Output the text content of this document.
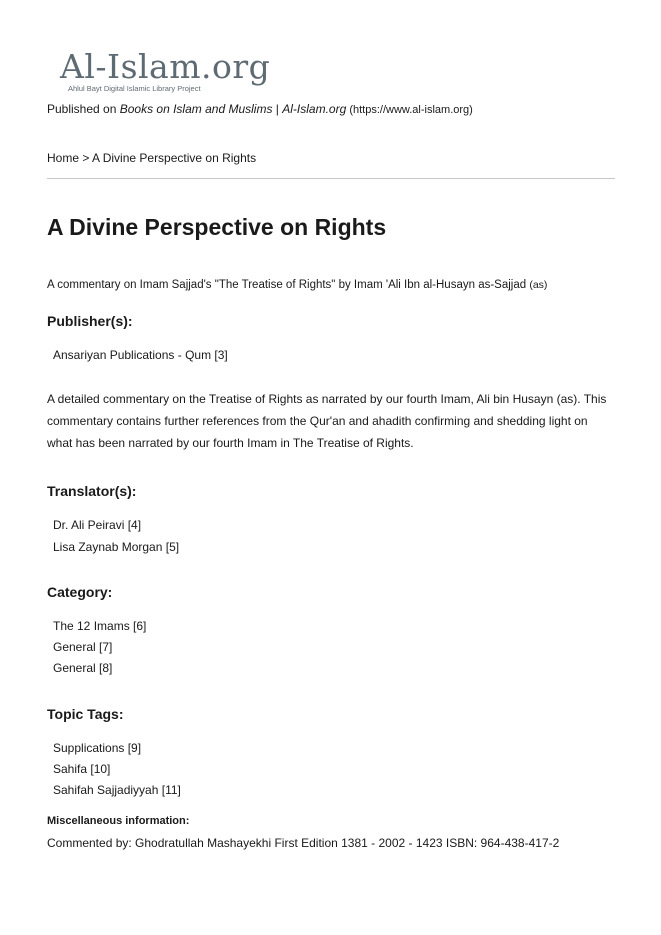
Al-Islam.org
Ahlul Bayt Digital Islamic Library Project
Published on Books on Islam and Muslims | Al-Islam.org (https://www.al-islam.org)
Home > A Divine Perspective on Rights
A Divine Perspective on Rights
A commentary on Imam Sajjad's "The Treatise of Rights" by Imam 'Ali Ibn al-Husayn as-Sajjad (as)
Publisher(s):
Ansariyan Publications - Qum [3]

A detailed commentary on the Treatise of Rights as narrated by our fourth Imam, Ali bin Husayn (as). This commentary contains further references from the Qur'an and ahadith confirming and shedding light on what has been narrated by our fourth Imam in The Treatise of Rights.

Translator(s):
Dr. Ali Peiravi [4]
Lisa Zaynab Morgan [5]
Category:
The 12 Imams [6]
General [7]
General [8]
Topic Tags:
Supplications [9]
Sahifa [10]
Sahifah Sajjadiyyah [11]
Miscellaneous information:
Commented by: Ghodratullah Mashayekhi First Edition 1381 - 2002 - 1423 ISBN: 964-438-417-2
